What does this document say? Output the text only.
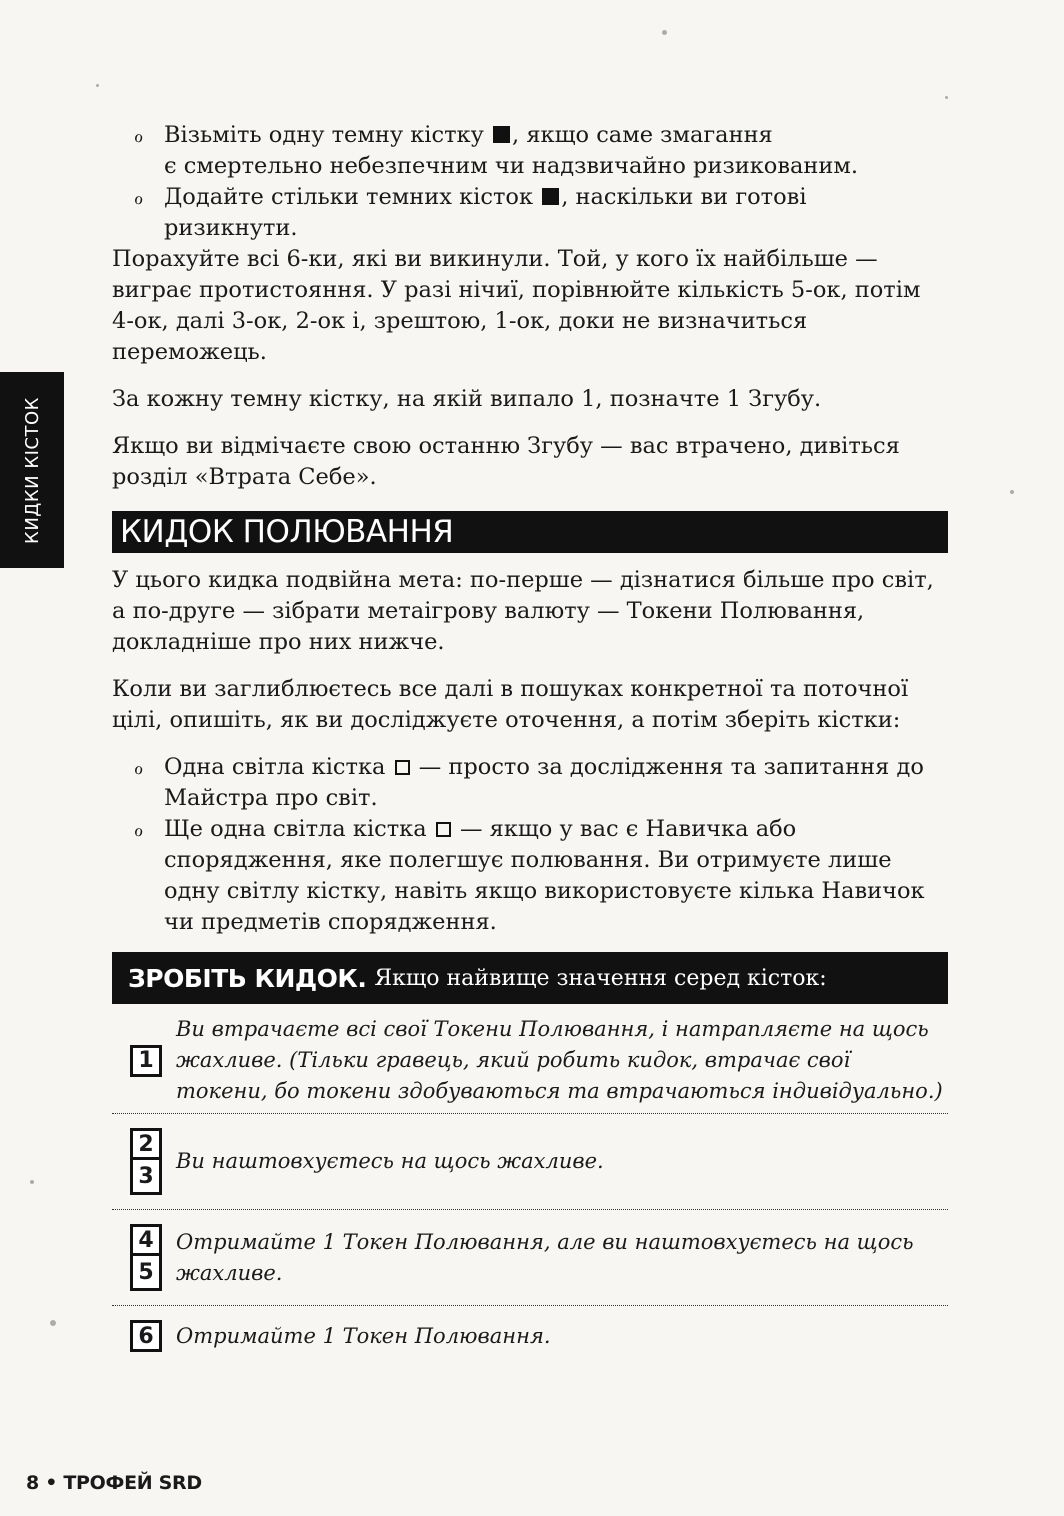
КИДКИ КІСТОК
ℴ Візьміть одну темну кістку , якщо саме змагання
є смертельно небезпечним чи надзвичайно ризикованим.
ℴ Додайте стільки темних кісток , наскільки ви готові
ризикнути.

Порахуйте всі 6-ки, які ви викинули. Той, у кого їх найбільше — виграє протистояння. У разі нічиї, порівнюйте кількість 5-ок, потім 4-ок, далі 3-ок, 2-ок і, зрештою, 1-ок, доки не визначиться переможець.

За кожну темну кістку, на якій випало 1, позначте 1 Згубу.

Якщо ви відмічаєте свою останню Згубу — вас втрачено, дивіться розділ «Втрата Себе».

КИДОК ПОЛЮВАННЯ

У цього кидка подвійна мета: по-перше — дізнатися більше про світ, а по-друге — зібрати метаігрову валюту — Токени Полювання, докладніше про них нижче.

Коли ви заглиблюєтесь все далі в пошуках конкретної та поточної цілі, опишіть, як ви досліджуєте оточення, а потім зберіть кістки:

ℴ Одна світла кістка  — просто за дослідження та запитання до Майстра про світ.
ℴ Ще одна світла кістка  — якщо у вас є Навичка або спорядження, яке полегшує полювання. Ви отримуєте лише одну світлу кістку, навіть якщо використовуєте кілька Навичок чи предметів спорядження.
ЗРОБІТЬ КИДОК. Якщо найвище значення серед кісток:
1
Ви втрачаєте всі свої Токени Полювання, і натрапляєте на щось жахливе. (Тільки гравець, який робить кидок, втрачає свої токени, бо токени здобуваються та втрачаються індивідуально.)
2
3
Ви наштовхуєтесь на щось жахливе.
4
5
Отримайте 1 Токен Полювання, але ви наштовхуєтесь на щось жахливе.
6	Отримайте 1 Токен Полювання.
8 • ТРОФЕЙ SRD
